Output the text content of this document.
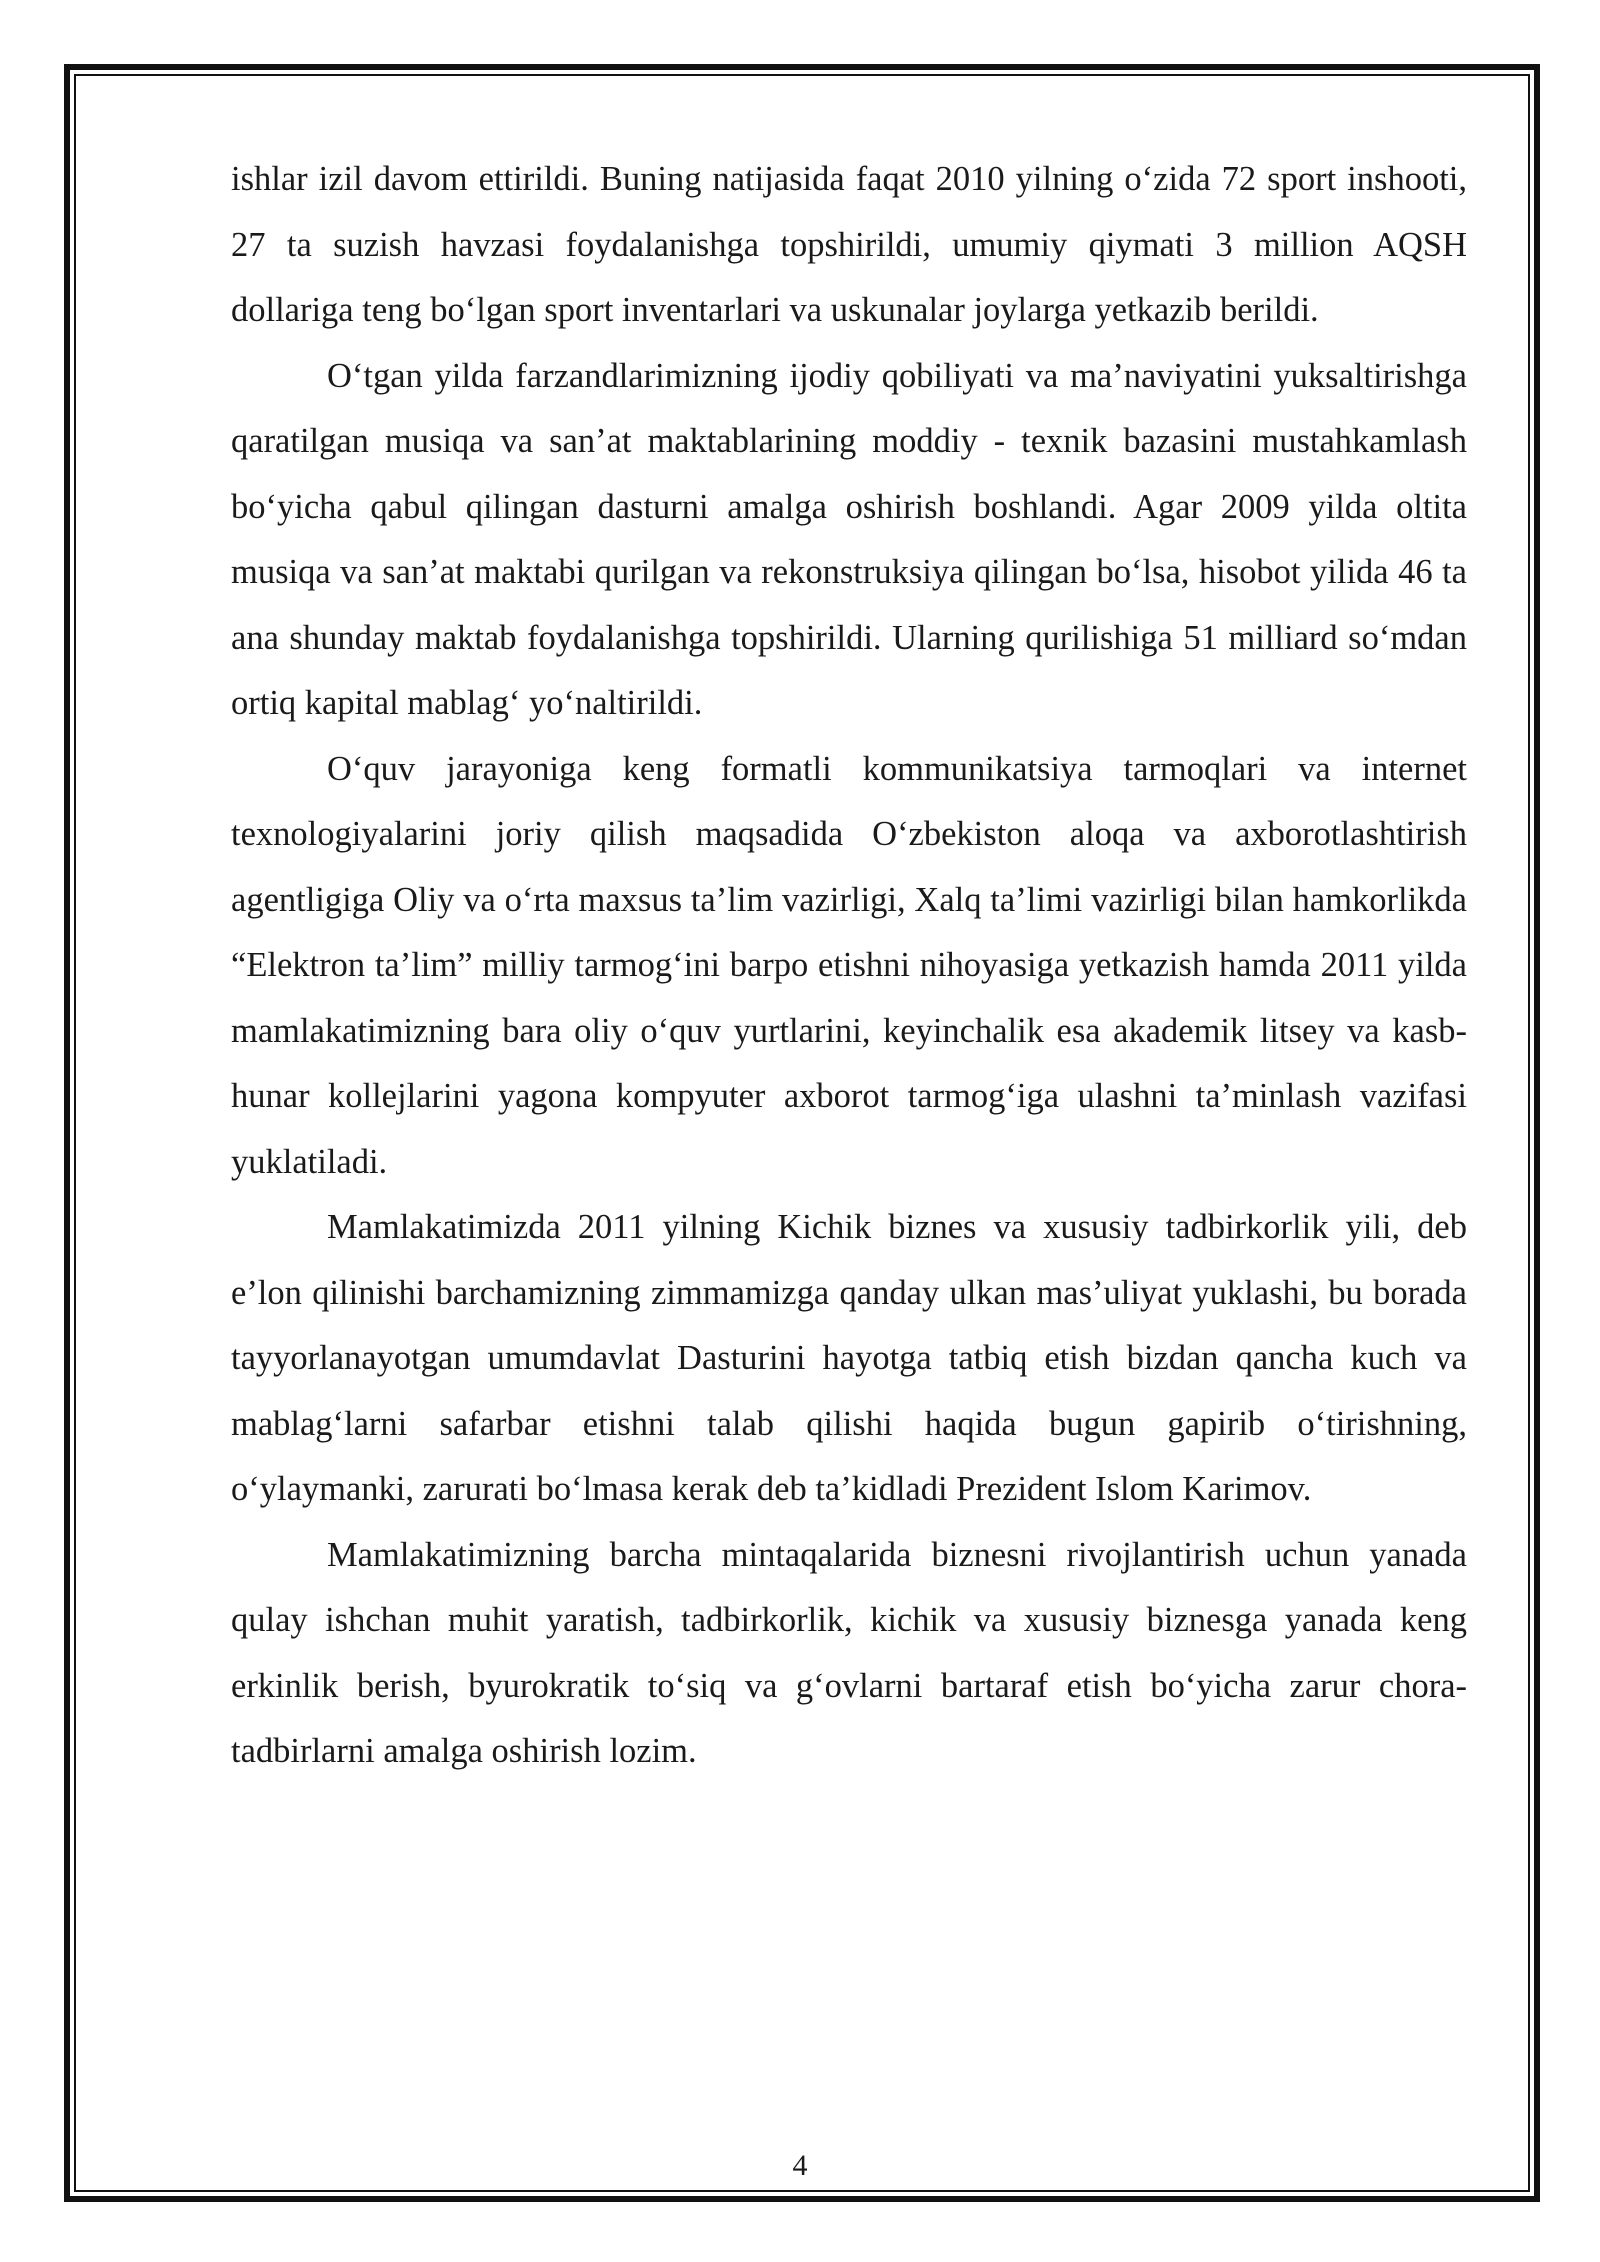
ishlar izil davom ettirildi. Buning natijasida faqat 2010 yilning o‘zida 72 sport inshooti, 27 ta suzish havzasi foydalanishga topshirildi, umumiy qiymati 3 million AQSH dollariga teng bo‘lgan sport inventarlari va uskunalar joylarga yetkazib berildi.

O‘tgan yilda farzandlarimizning ijodiy qobiliyati va ma’naviyatini yuksaltirishga qaratilgan musiqa va san’at maktablarining moddiy - texnik bazasini mustahkamlash bo‘yicha qabul qilingan dasturni amalga oshirish boshlandi. Agar 2009 yilda oltita musiqa va san’at maktabi qurilgan va rekonstruksiya qilingan bo‘lsa, hisobot yilida 46 ta ana shunday maktab foydalanishga topshirildi. Ularning qurilishiga 51 milliard so‘mdan ortiq kapital mablag‘ yo‘naltirildi.

O‘quv jarayoniga keng formatli kommunikatsiya tarmoqlari va internet texnologiyalarini joriy qilish maqsadida O‘zbekiston aloqa va axborotlashtirish agentligiga Oliy va o‘rta maxsus ta’lim vazirligi, Xalq ta’limi vazirligi bilan hamkorlikda “Elektron ta’lim” milliy tarmog‘ini barpo etishni nihoyasiga yetkazish hamda 2011 yilda mamlakatimizning bara oliy o‘quv yurtlarini, keyinchalik esa akademik litsey va kasb- hunar kollejlarini yagona kompyuter axborot tarmog‘iga ulashni ta’minlash vazifasi yuklatiladi.

Mamlakatimizda 2011 yilning Kichik biznes va xususiy tadbirkorlik yili, deb e’lon qilinishi barchamizning zimmamizga qanday ulkan mas’uliyat yuklashi, bu borada tayyorlanayotgan umumdavlat Dasturini hayotga tatbiq etish bizdan qancha kuch va mablag‘larni safarbar etishni talab qilishi haqida bugun gapirib o‘tirishning, o‘ylaymanki, zarurati bo‘lmasa kerak deb ta’kidladi Prezident Islom Karimov.

Mamlakatimizning barcha mintaqalarida biznesni rivojlantirish uchun yanada qulay ishchan muhit yaratish, tadbirkorlik, kichik va xususiy biznesga yanada keng erkinlik berish, byurokratik to‘siq va g‘ovlarni bartaraf etish bo‘yicha zarur chora- tadbirlarni amalga oshirish lozim.

4
